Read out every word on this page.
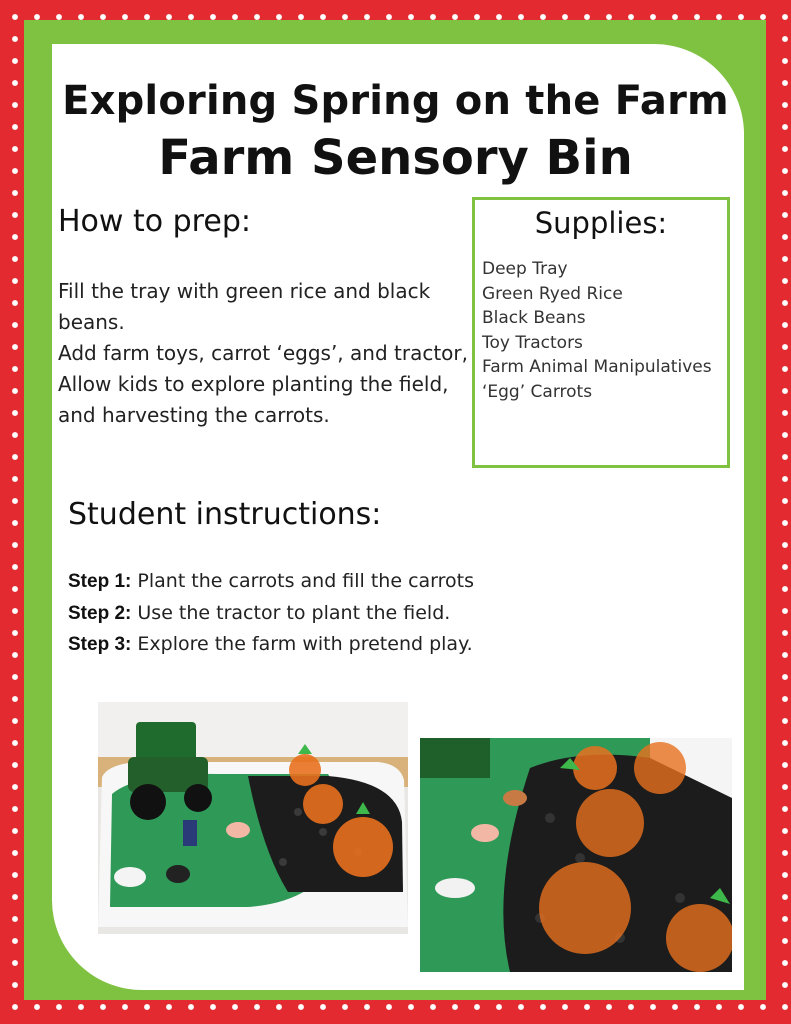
Exploring Spring on the Farm
Farm Sensory Bin
How to prep:
Fill the tray with green rice and black beans.
Add farm toys, carrot ‘eggs’, and tractor,
Allow kids to explore planting the field, and harvesting the carrots.
Supplies:
Deep Tray
Green Ryed Rice
Black Beans
Toy Tractors
Farm Animal Manipulatives
‘Egg’ Carrots
Student instructions:
Step 1: Plant the carrots and fill the carrots
Step 2: Use the tractor to plant the field.
Step 3: Explore the farm with pretend play.
